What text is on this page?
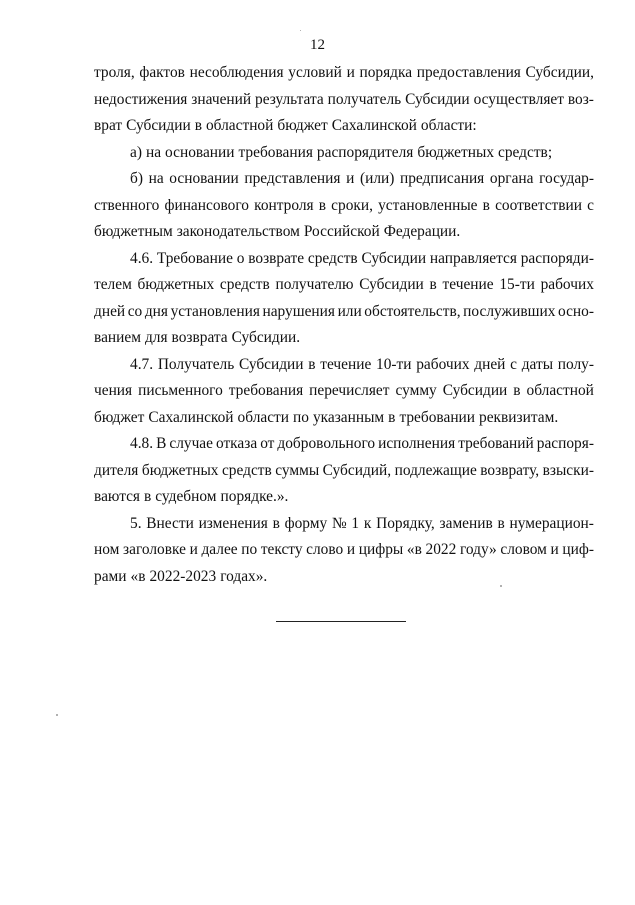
12
троля, фактов несоблюдения условий и порядка предоставления Субсидии,
недостижения значений результата получатель Субсидии осуществляет воз-
врат Субсидии в областной бюджет Сахалинской области:
а) на основании требования распорядителя бюджетных средств;
б) на основании представления и (или) предписания органа государ-
ственного финансового контроля в сроки, установленные в соответствии с
бюджетным законодательством Российской Федерации.
4.6. Требование о возврате средств Субсидии направляется распоряди-
телем бюджетных средств получателю Субсидии в течение 15-ти рабочих
дней со дня установления нарушения или обстоятельств, послуживших осно-
ванием для возврата Субсидии.
4.7. Получатель Субсидии в течение 10-ти рабочих дней с даты полу-
чения письменного требования перечисляет сумму Субсидии в областной
бюджет Сахалинской области по указанным в требовании реквизитам.
4.8. В случае отказа от добровольного исполнения требований распоря-
дителя бюджетных средств суммы Субсидий, подлежащие возврату, взыски-
ваются в судебном порядке.».
5. Внести изменения в форму № 1 к Порядку, заменив в нумерацион-
ном заголовке и далее по тексту слово и цифры «в 2022 году» словом и циф-
рами «в 2022-2023 годах».
